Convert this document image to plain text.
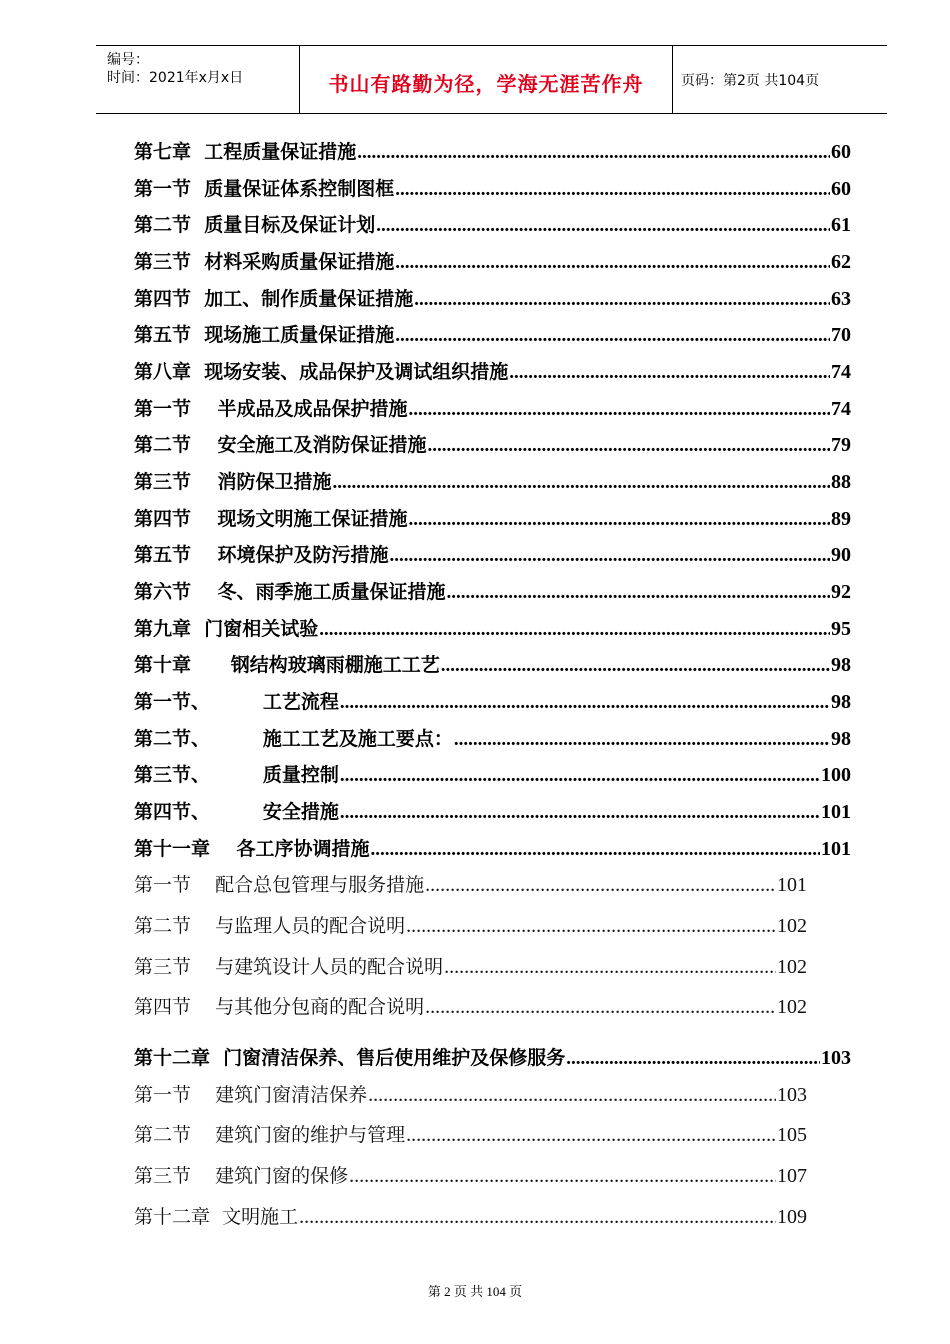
编号：
时间：2021年x月x日	书山有路勤为径，学海无涯苦作舟	页码：第2页 共104页
第七章  工程质量保证措施 .....	60
第一节  质量保证体系控制图框 .....	60
第二节  质量目标及保证计划 .....	61
第三节  材料采购质量保证措施 .....	62
第四节  加工、制作质量保证措施 .....	63
第五节  现场施工质量保证措施 .....	70
第八章  现场安装、成品保护及调试组织措施 .....	74
第一节    半成品及成品保护措施 .....	74
第二节    安全施工及消防保证措施 .....	79
第三节    消防保卫措施 .....	88
第四节    现场文明施工保证措施 .....	89
第五节    环境保护及防污措施 .....	90
第六节    冬、雨季施工质量保证措施 .....	92
第九章  门窗相关试验 .....	95
第十章      钢结构玻璃雨棚施工工艺 .....	98
第一节、        工艺流程 .....	98
第二节、        施工工艺及施工要点： .....	98
第三节、        质量控制 .....	100
第四节、        安全措施 .....	101
第十一章    各工序协调措施 .....	101
第一节    配合总包管理与服务措施 .....	101
第二节    与监理人员的配合说明 .....	102
第三节    与建筑设计人员的配合说明 .....	102
第四节    与其他分包商的配合说明 .....	102
第十二章  门窗清洁保养、售后使用维护及保修服务 .....	103
第一节    建筑门窗清洁保养 .....	103
第二节    建筑门窗的维护与管理 .....	105
第三节    建筑门窗的保修 .....	107
第十二章  文明施工 .....	109
第 2 页 共 104 页
